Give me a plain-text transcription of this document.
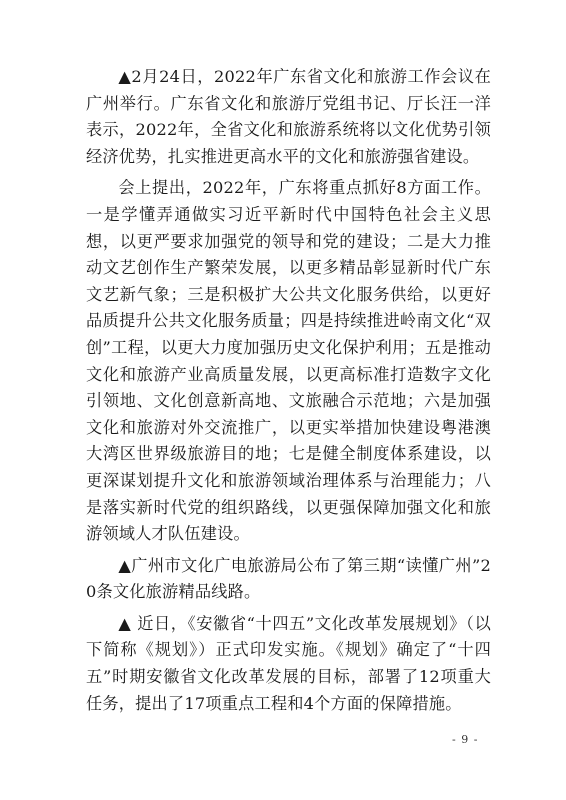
▲2月24日，2022年广东省文化和旅游工作会议在广州举行。广东省文化和旅游厅党组书记、厅长汪一洋表示，2022年，全省文化和旅游系统将以文化优势引领经济优势，扎实推进更高水平的文化和旅游强省建设。

会上提出，2022年，广东将重点抓好8方面工作。一是学懂弄通做实习近平新时代中国特色社会主义思想，以更严要求加强党的领导和党的建设；二是大力推动文艺创作生产繁荣发展，以更多精品彰显新时代广东文艺新气象；三是积极扩大公共文化服务供给，以更好品质提升公共文化服务质量；四是持续推进岭南文化“双创”工程，以更大力度加强历史文化保护利用；五是推动文化和旅游产业高质量发展，以更高标准打造数字文化引领地、文化创意新高地、文旅融合示范地；六是加强文化和旅游对外交流推广，以更实举措加快建设粤港澳大湾区世界级旅游目的地；七是健全制度体系建设，以更深谋划提升文化和旅游领域治理体系与治理能力；八是落实新时代党的组织路线，以更强保障加强文化和旅游领域人才队伍建设。

▲广州市文化广电旅游局公布了第三期“读懂广州”20条文化旅游精品线路。

▲ 近日，《安徽省“十四五”文化改革发展规划》（以下简称《规划》）正式印发实施。《规划》确定了“十四五”时期安徽省文化改革发展的目标，部署了12项重大任务，提出了17项重点工程和4个方面的保障措施。

- 9 -
